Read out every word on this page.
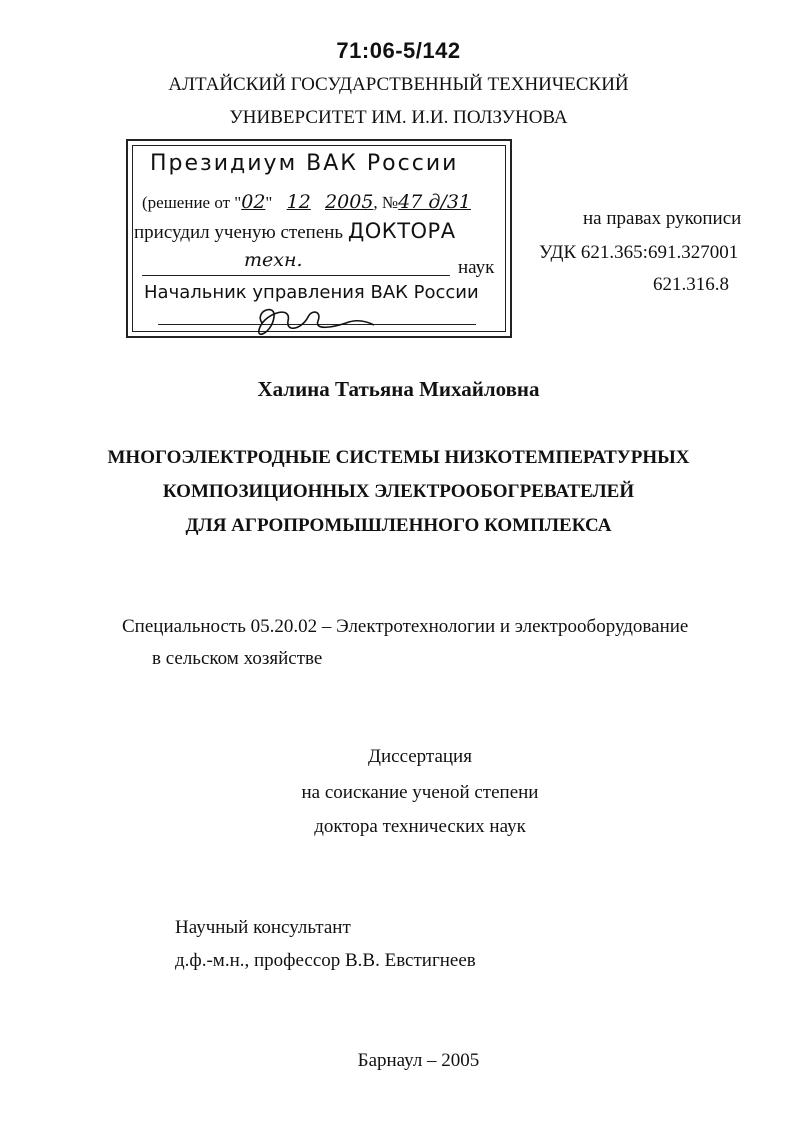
71:06-5/142
АЛТАЙСКИЙ ГОСУДАРСТВЕННЫЙ ТЕХНИЧЕСКИЙ
УНИВЕРСИТЕТ ИМ. И.И. ПОЛЗУНОВА
Президиум ВАК России
(решение от "02" 12 2005, №47 д/31
присудил ученую степень ДОКТОРА
техн.	наук
Начальник управления ВАК России
на правах рукописи
УДК 621.365:691.327001
621.316.8
Халина Татьяна Михайловна
МНОГОЭЛЕКТРОДНЫЕ СИСТЕМЫ НИЗКОТЕМПЕРАТУРНЫХ
КОМПОЗИЦИОННЫХ ЭЛЕКТРООБОГРЕВАТЕЛЕЙ
ДЛЯ АГРОПРОМЫШЛЕННОГО КОМПЛЕКСА
Специальность 05.20.02 – Электротехнологии и электрооборудование
в сельском хозяйстве
Диссертация
на соискание ученой степени
доктора технических наук
Научный консультант
д.ф.-м.н., профессор В.В. Евстигнеев
Барнаул – 2005
